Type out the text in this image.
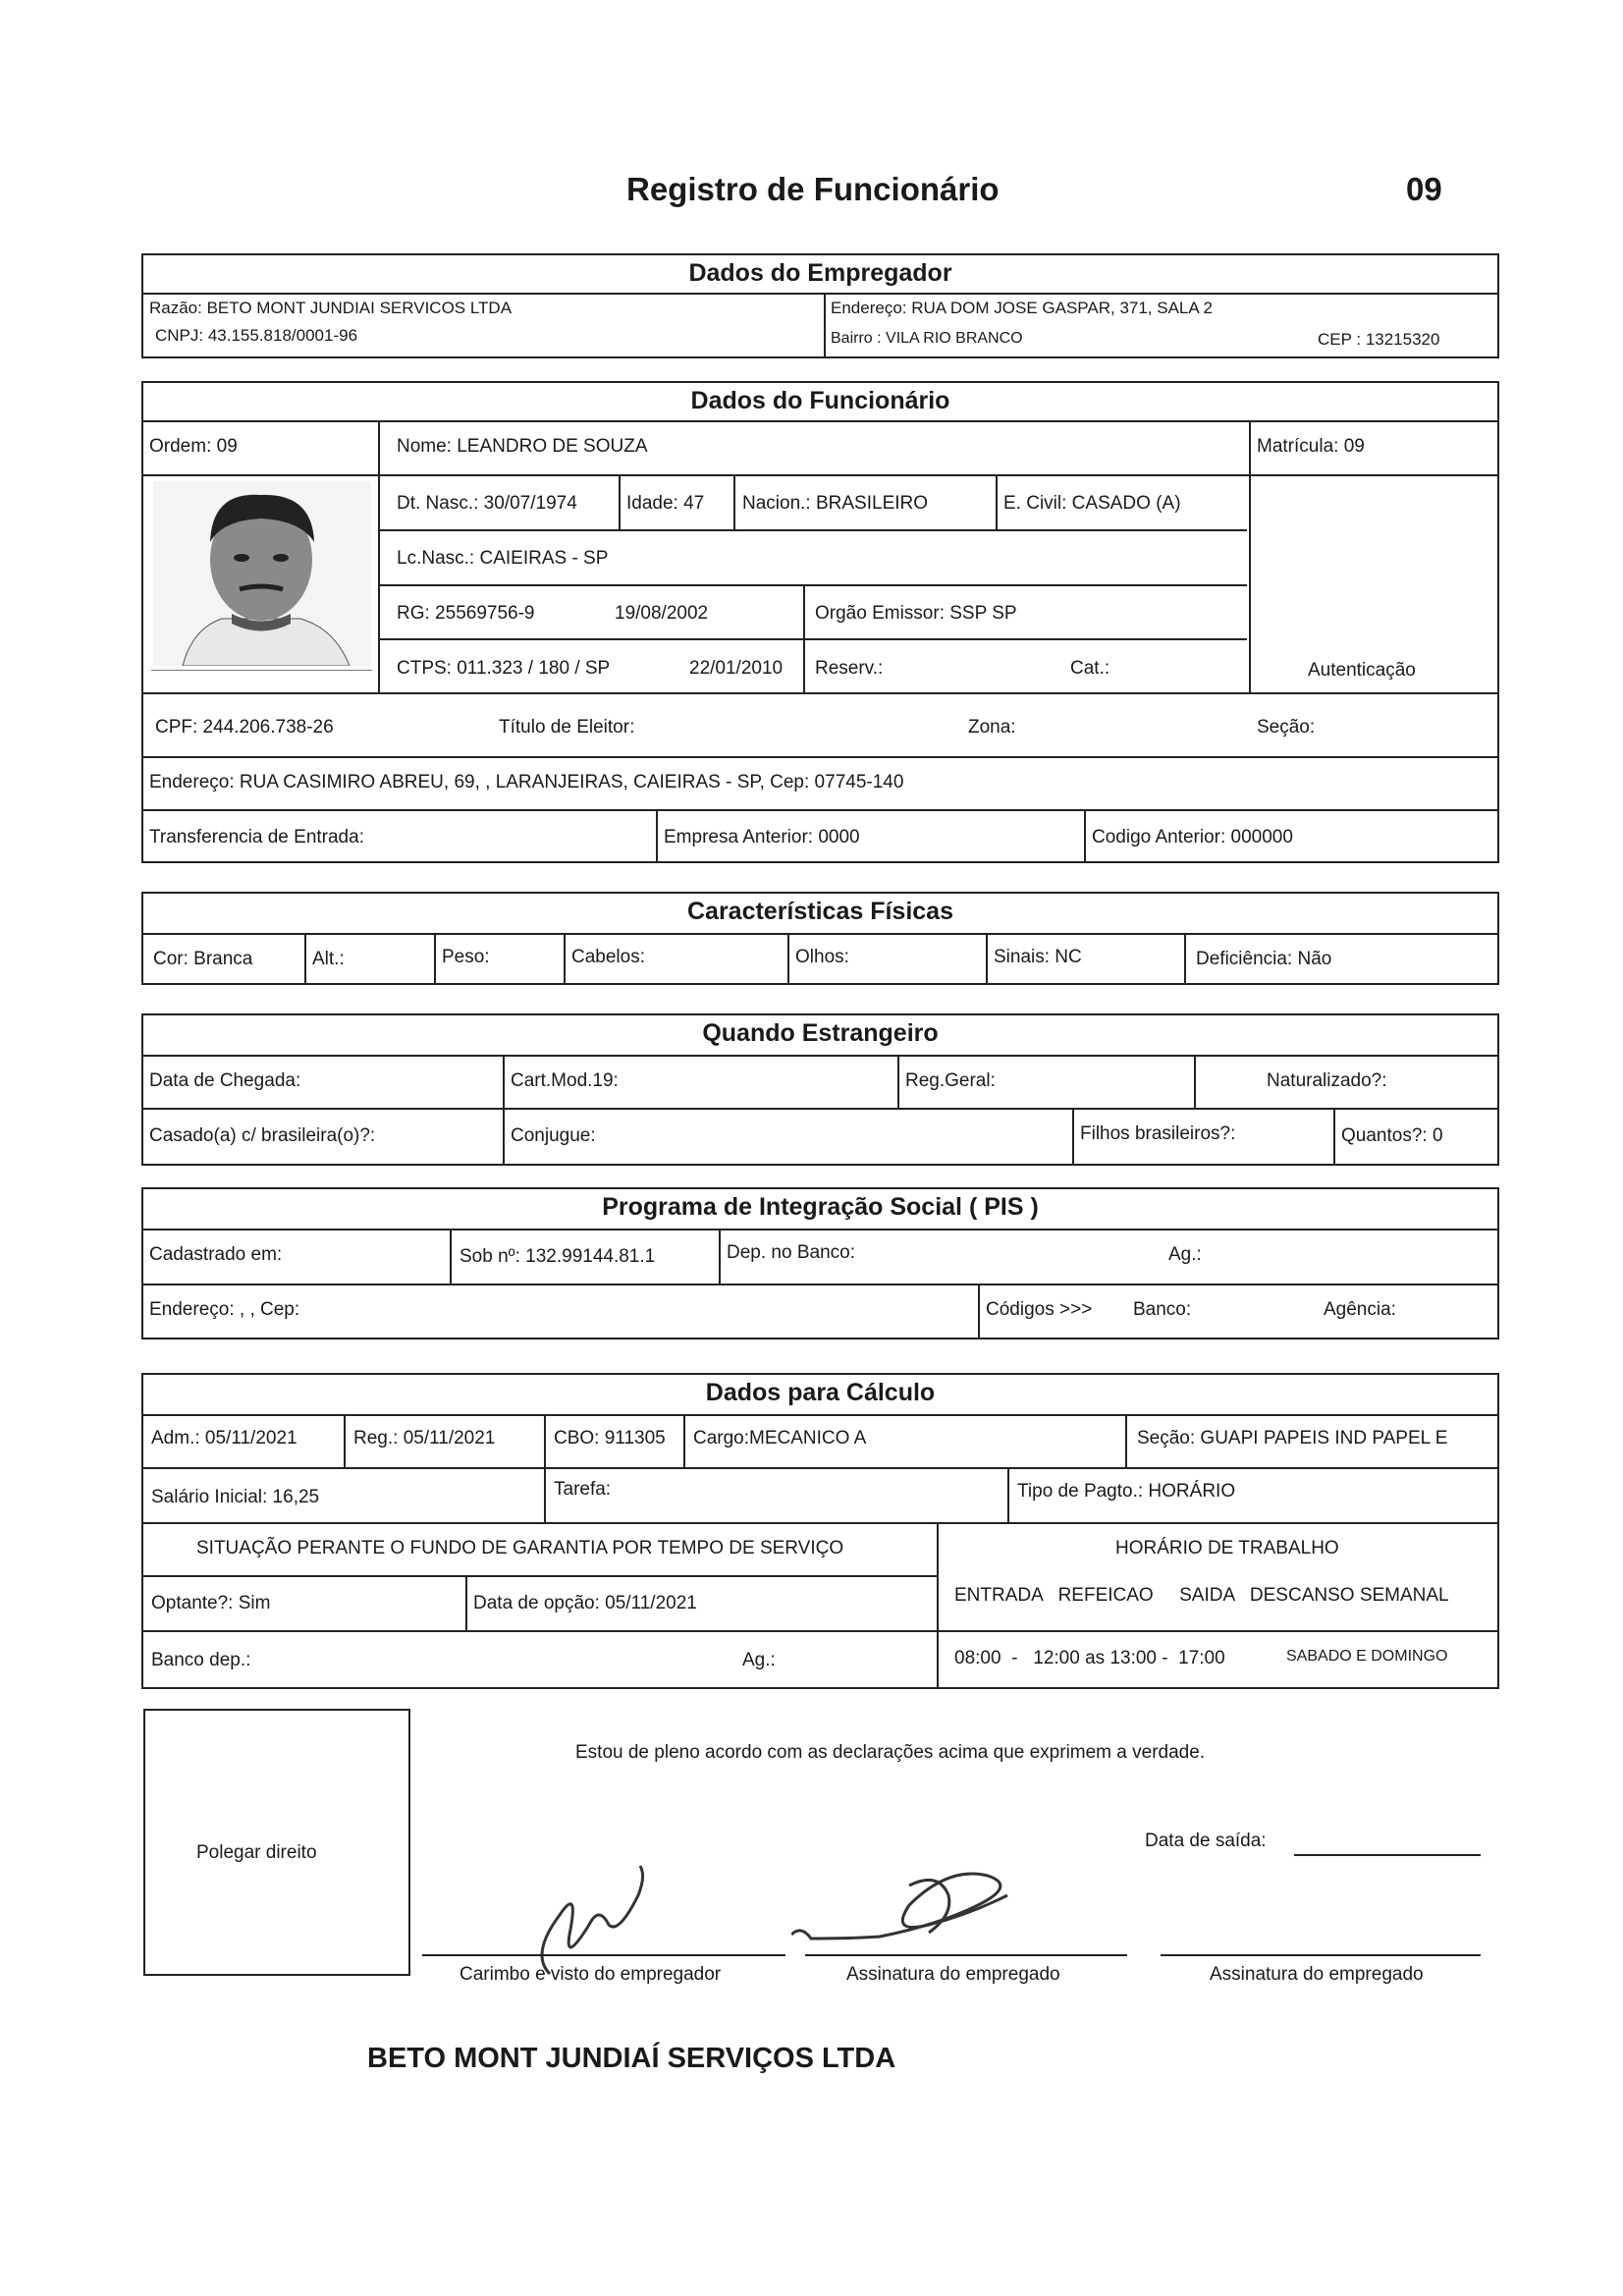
Registro de Funcionário	09
Dados do Empregador
Razão: BETO MONT JUNDIAI SERVICOS LTDA
CNPJ: 43.155.818/0001-96
Endereço: RUA DOM JOSE GASPAR, 371, SALA 2
Bairro : VILA RIO BRANCO	CEP : 13215320
Dados do Funcionário
Ordem: 09	Nome: LEANDRO DE SOUZA	Matrícula: 09
Dt. Nasc.: 30/07/1974	Idade: 47 Nacion.: BRASILEIRO	E. Civil: CASADO (A)
Lc.Nasc.: CAIEIRAS - SP
RG: 25569756-9	19/08/2002	Orgão Emissor: SSP SP
CTPS: 011.323 / 180 / SP	22/01/2010 Reserv.:	Cat.:	Autenticação
CPF: 244.206.738-26	Título de Eleitor:	Zona:	Seção:
Endereço: RUA CASIMIRO ABREU, 69, , LARANJEIRAS, CAIEIRAS - SP, Cep: 07745-140
Transferencia de Entrada:	Empresa Anterior: 0000	Codigo Anterior: 000000
Características Físicas
Cor: Branca	Alt.:	Peso:	Cabelos:	Olhos:	Sinais: NC	Deficiência: Não
Quando Estrangeiro
Data de Chegada:	Cart.Mod.19:	Reg.Geral:	Naturalizado?:
Casado(a) c/ brasileira(o)?:	Conjugue:	Filhos brasileiros?:	Quantos?: 0
Programa de Integração Social ( PIS )
Cadastrado em:	Sob nº: 132.99144.81.1	Dep. no Banco:	Ag.:
Endereço: , , Cep:	Códigos >>> Banco:	Agência:
Dados para Cálculo
Adm.: 05/11/2021	Reg.: 05/11/2021	CBO: 911305 Cargo:MECANICO A	Seção: GUAPI PAPEIS IND PAPEL E
Salário Inicial: 16,25	Tarefa:	Tipo de Pagto.: HORÁRIO
SITUAÇÃO PERANTE O FUNDO DE GARANTIA POR TEMPO DE SERVIÇO	HORÁRIO DE TRABALHO
Optante?: Sim	Data de opção: 05/11/2021	ENTRADA   REFEICAO     SAIDA   DESCANSO SEMANAL
Banco dep.:	Ag.:	08:00  -   12:00 as 13:00 -  17:00	SABADO E DOMINGO
Polegar direito
Estou de pleno acordo com as declarações acima que exprimem a verdade.
Data de saída:
Carimbo e visto do empregador	Assinatura do empregado	Assinatura do empregado
BETO MONT JUNDIAÍ SERVIÇOS LTDA
